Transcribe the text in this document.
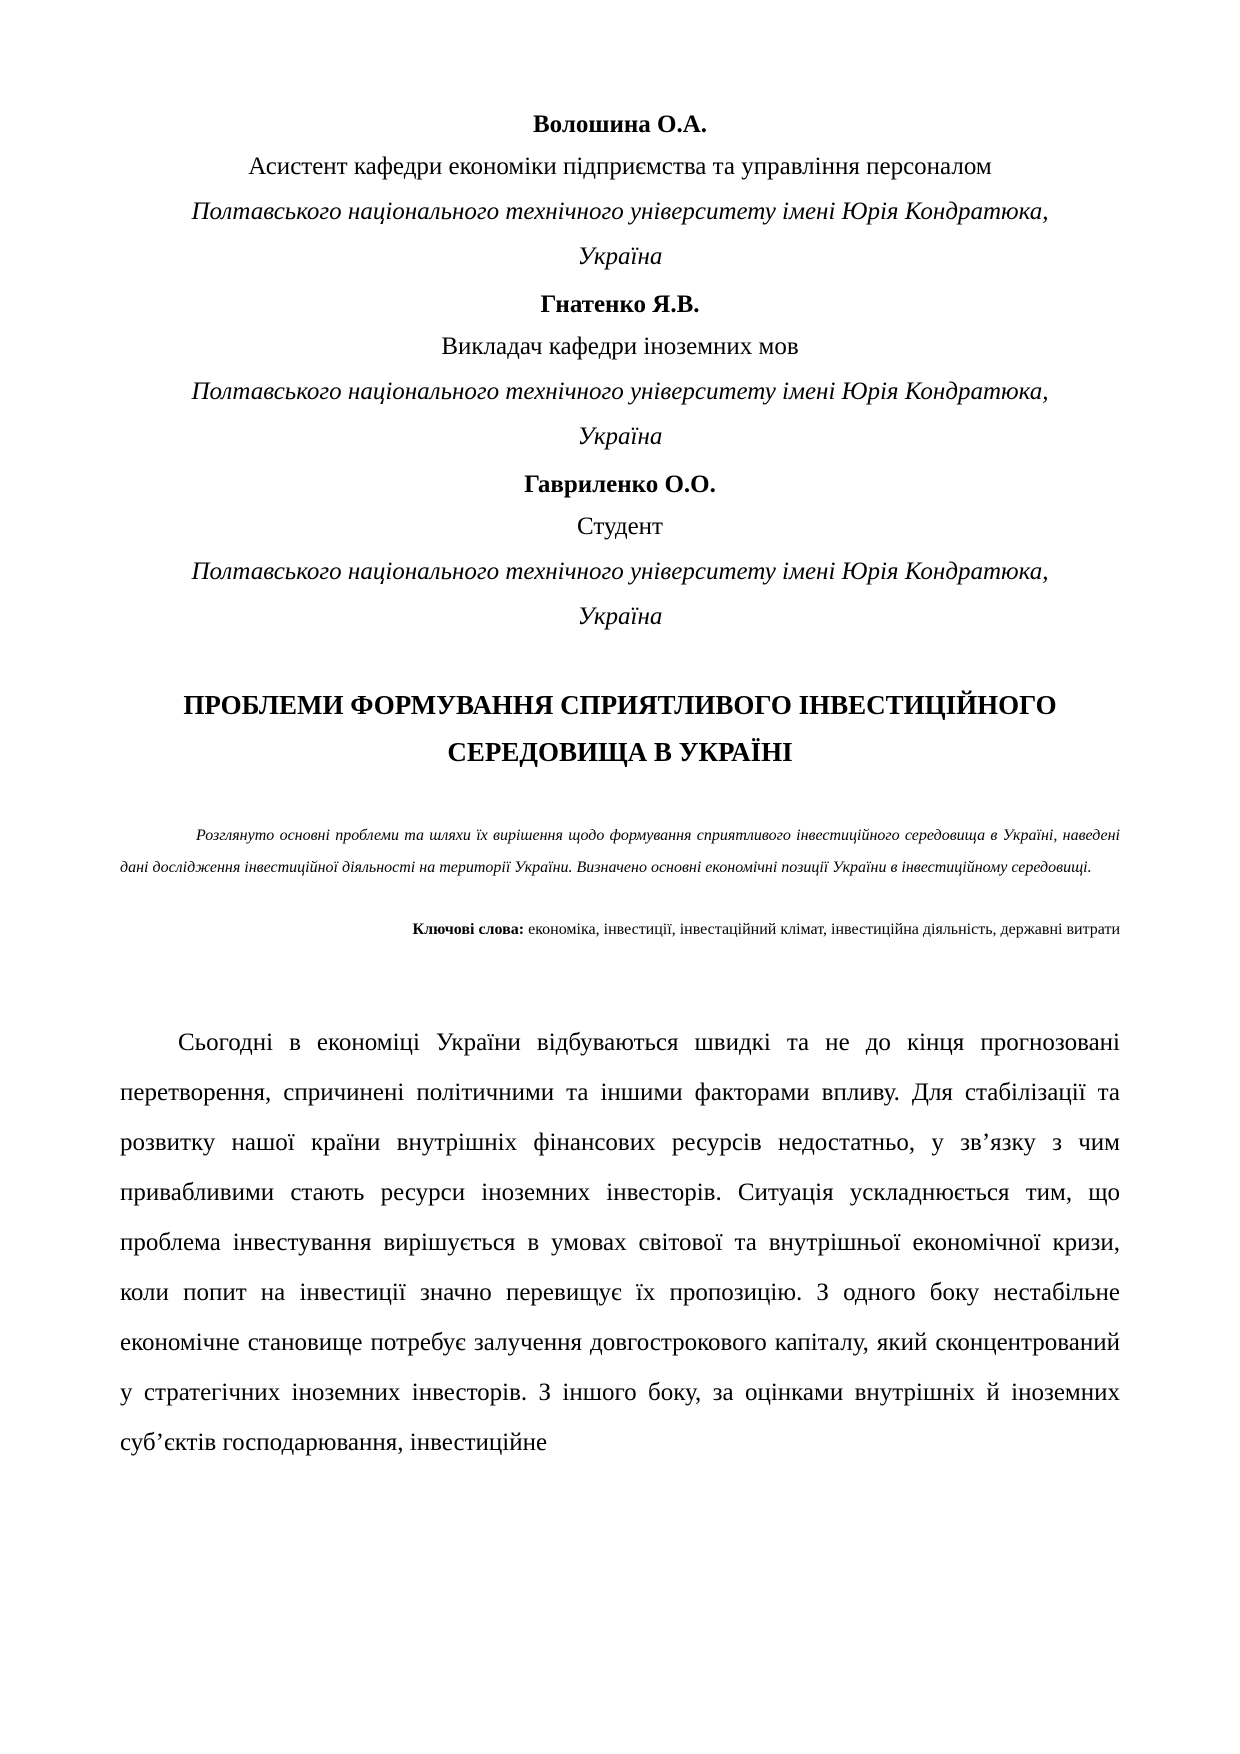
Волошина О.А.
Асистент кафедри економіки підприємства та управління персоналом
Полтавського національного технічного університету імені Юрія Кондратюка,
Україна
Гнатенко Я.В.
Викладач кафедри іноземних мов
Полтавського національного технічного університету імені Юрія Кондратюка,
Україна
Гавриленко О.О.
Студент
Полтавського національного технічного університету імені Юрія Кондратюка,
Україна
ПРОБЛЕМИ ФОРМУВАННЯ СПРИЯТЛИВОГО ІНВЕСТИЦІЙНОГО
СЕРЕДОВИЩА В УКРАЇНІ
Розглянуто основні проблеми та шляхи їх вирішення щодо формування сприятливого інвестиційного середовища в Україні, наведені дані дослідження інвестиційної діяльності на території України. Визначено основні економічні позиції України в інвестиційному середовищі.
Ключові слова: економіка, інвестиції, інвестаційний клімат, інвестиційна діяльність, державні витрати
Сьогодні в економіці України відбуваються швидкі та не до кінця прогнозовані перетворення, спричинені політичними та іншими факторами впливу. Для стабілізації та розвитку нашої країни внутрішніх фінансових ресурсів недостатньо, у зв’язку з чим привабливими стають ресурси іноземних інвесторів. Ситуація ускладнюється тим, що проблема інвестування вирішується в умовах світової та внутрішньої економічної кризи, коли попит на інвестиції значно перевищує їх пропозицію. З одного боку нестабільне економічне становище потребує залучення довгострокового капіталу, який сконцентрований у стратегічних іноземних інвесторів. З іншого боку, за оцінками внутрішніх й іноземних суб’єктів господарювання, інвестиційне
